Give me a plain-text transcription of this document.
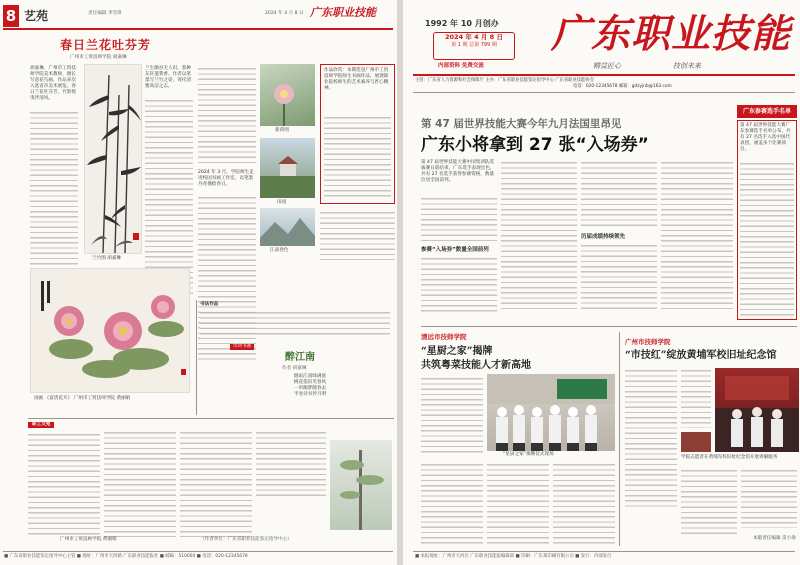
8 艺苑	责任编辑 李雪锋	2024 年 4 月 8 日 广东职业技能
春日兰花吐芬芳
广州市工贸技师学院 胡嘉琳
胡嘉琳，广州市工贸技师学院美术教师，擅长写意花鸟画，作品多次入选省市美术展览。春日兰花吐芬芳，竹影摇曳伴清风。
兰竹图 胡嘉琳
兰生幽谷无人识，客种东轩遗我香。作者以笔墨写兰竹之姿，寄托清雅高洁之志。
2024 年 3 月，学院师生走进校园书画工作室，以笔墨丹青描绘春日。
新荷图
田园
江南春色
作品欣赏：本期选登广州市工贸技师学院师生书画作品，展现职业院校师生的艺术素养与匠心精神。
国画 《富贵花开》 广州市工贸技师学院 黄丽娟
诗词书画
醉江南
作者 胡嘉琳
烟雨江南绿满庭
桃花依旧笑春风
一帘幽梦随春去
半卷诗书伴月明
书法作品
职工文苑
广州市工贸技师学院 黄丽娟	（作者单位：广东省职业技能鉴定指导中心）
■ 广东省职业技能鉴定指导中心主管 ■ 地址：广州市天河路 广东职业技能报社 ■ 邮编：510000 ■ 电话：020-12345678
1992 年 10 月创办
2024 年 4 月 8 日
第 1 期 总第 799 期
内部资料 免费交流
广东职业技能
精益匠心	技创未来
主管：广东省人力资源和社会保障厅 主办：广东省职业技能鉴定指导中心 广东省职业技能协会
电话：020-12345678 邮箱：gdzyjnb@163.com
广东参赛选手名单
第 47 届世界技能大赛广东参赛选手名单公布，共有 27 名选手入选中国代表团，涵盖多个比赛项目。
第 47 届世界技能大赛今年九月法国里昂见
广东小将拿到 27 张“入场券”
第 47 届世界技能大赛中国集训队选拔赛日前结束，广东选手表现出色，共有 27 名选手获得参赛资格，数量位居全国前列。
参赛“入场券”数量全国前列
历届成绩持续领先
清远市技师学院
“星厨之家”揭牌
共筑粤菜技能人才新高地
“星厨之家”揭牌仪式现场
广州市技师学院
“市技红”绽放黄埔军校旧址纪念馆
学院志愿者在黄埔军校旧址纪念馆开展讲解服务
本版责任编辑 雷小俞
■ 本报地址：广州市天河区 广东职业技能报编辑部 ■ 印刷：广东某印刷有限公司 ■ 发行：内部发行
